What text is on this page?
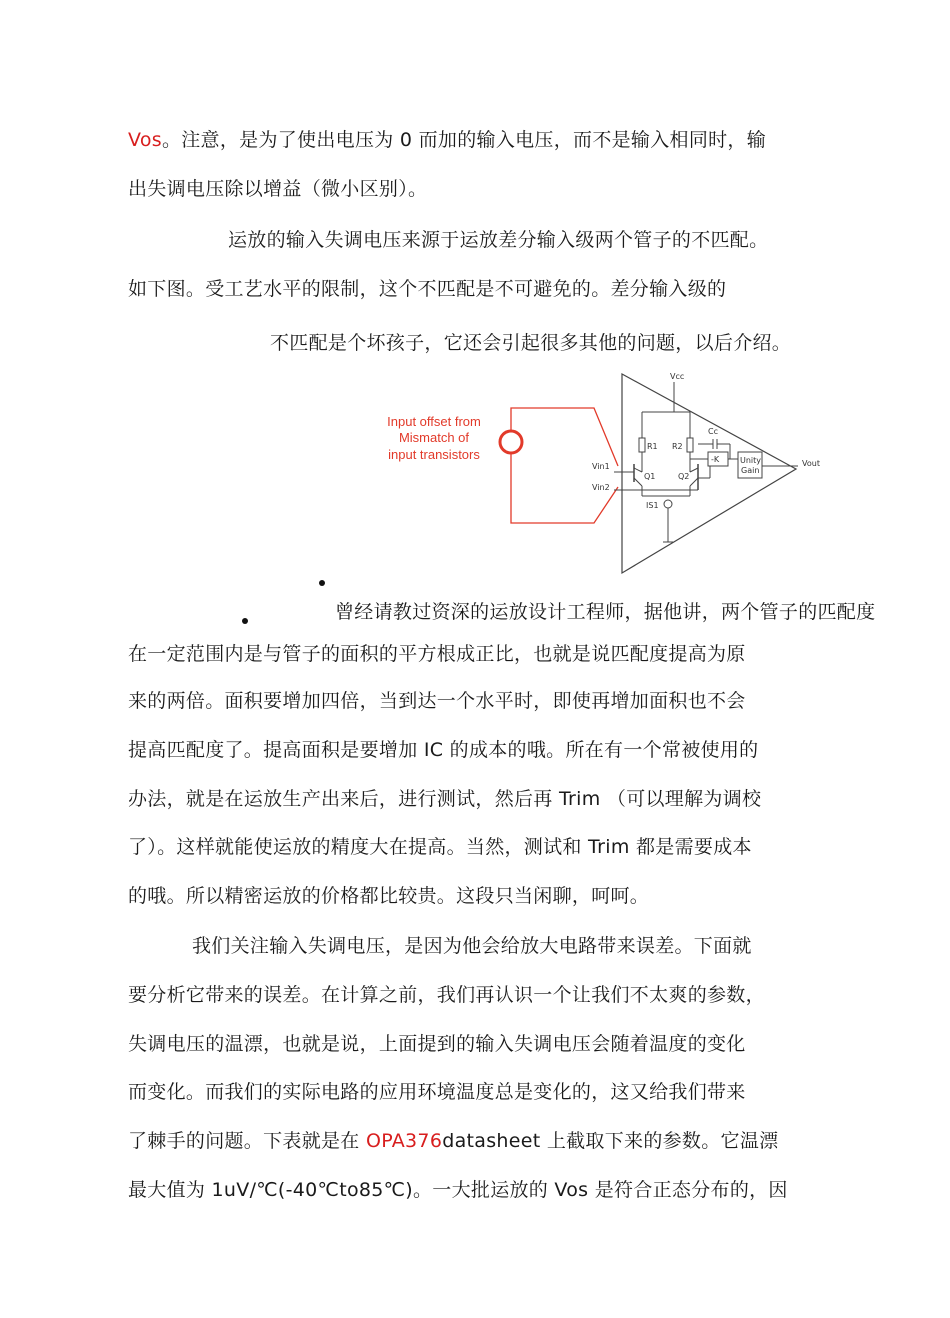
Vos。注意，是为了使出电压为 0 而加的输入电压，而不是输入相同时，输
出失调电压除以增益（微小区别）。
运放的输入失调电压来源于运放差分输入级两个管子的不匹配。
如下图。受工艺水平的限制，这个不匹配是不可避免的。差分输入级的
不匹配是个坏孩子，它还会引起很多其他的问题，以后介绍。
Input offset from
Mismatch of
input transistors
Vcc
R1 R2
Cc
-K	Unity
Gain
Vout
Vin1
Q1
Vin2
Q2
IS1
曾经请教过资深的运放设计工程师，据他讲，两个管子的匹配度
在一定范围内是与管子的面积的平方根成正比，也就是说匹配度提高为原
来的两倍。面积要增加四倍，当到达一个水平时，即使再增加面积也不会
提高匹配度了。提高面积是要增加 IC 的成本的哦。所在有一个常被使用的
办法，就是在运放生产出来后，进行测试，然后再 Trim （可以理解为调校
了）。这样就能使运放的精度大在提高。当然，测试和 Trim 都是需要成本
的哦。所以精密运放的价格都比较贵。这段只当闲聊，呵呵。
我们关注输入失调电压，是因为他会给放大电路带来误差。下面就
要分析它带来的误差。在计算之前，我们再认识一个让我们不太爽的参数，
失调电压的温漂，也就是说，上面提到的输入失调电压会随着温度的变化
而变化。而我们的实际电路的应用环境温度总是变化的，这又给我们带来
了棘手的问题。下表就是在 OPA376datasheet 上截取下来的参数。它温漂
最大值为 1uV/℃(-40℃to85℃)。一大批运放的 Vos 是符合正态分布的，因
